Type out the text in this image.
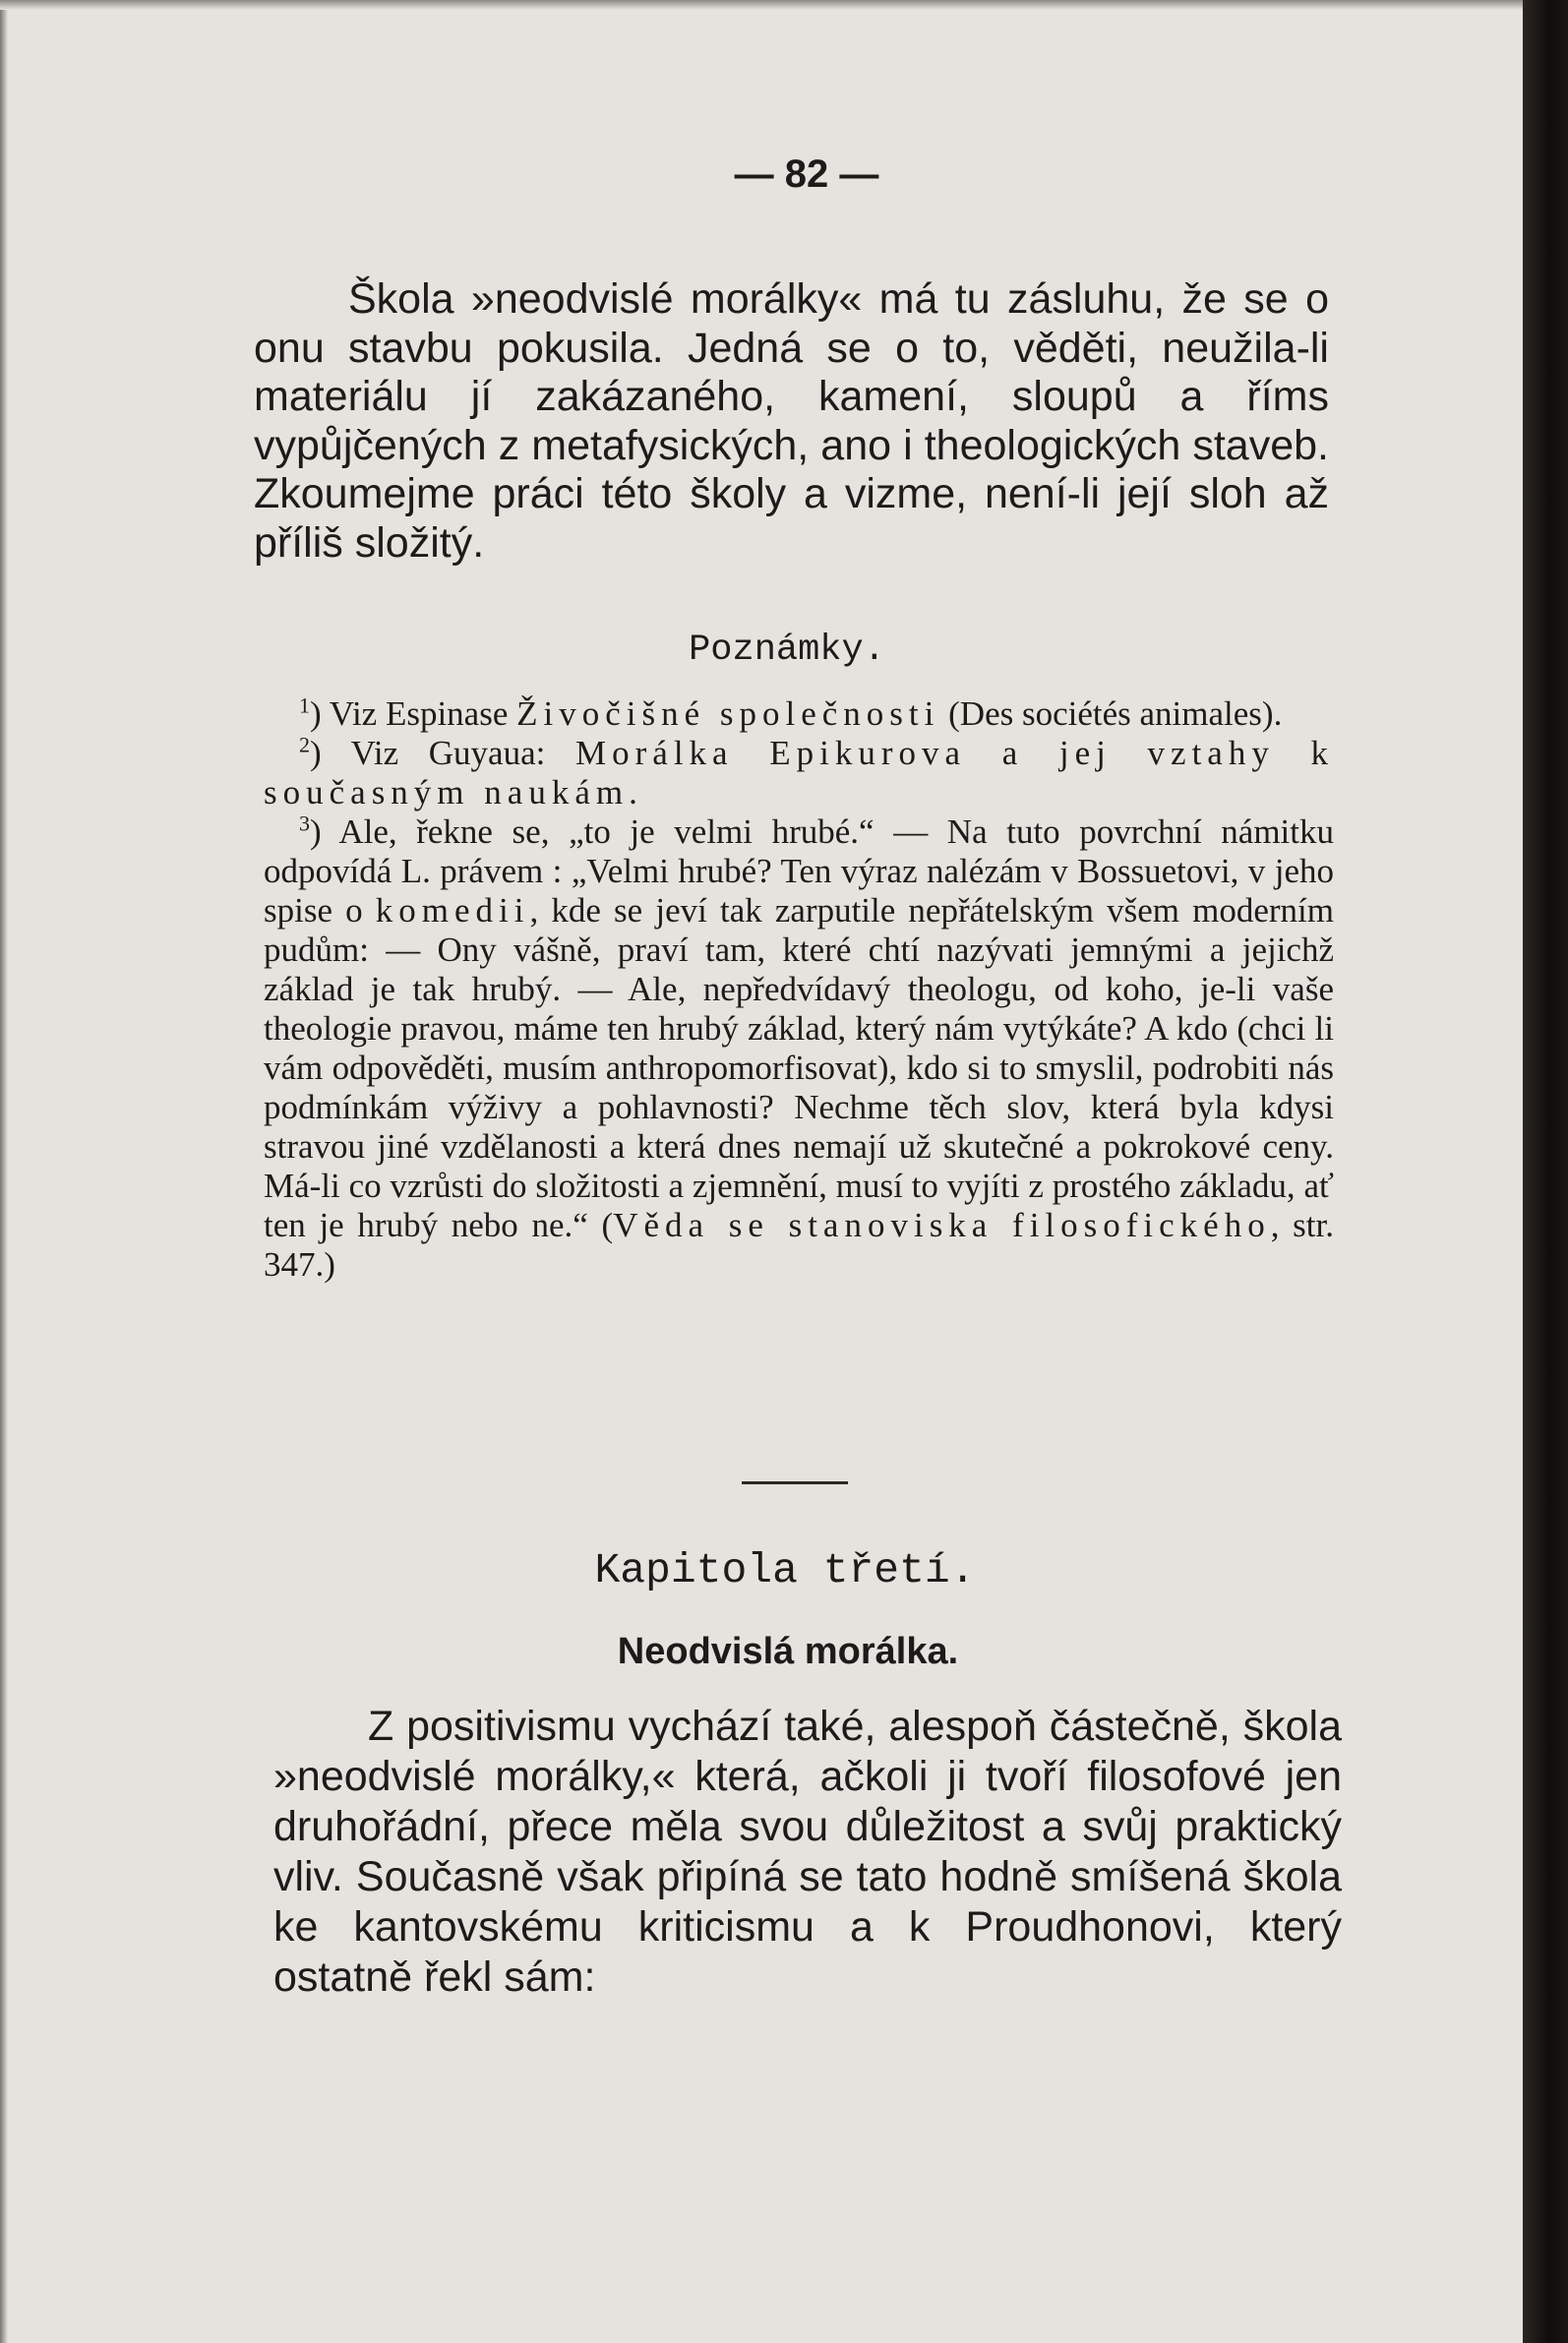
— 82 —

Škola »neodvislé morálky« má tu zásluhu, že se o onu stavbu pokusila. Jedná se o to, věděti, neužila-li materiálu jí zakázaného, kamení, sloupů a říms vypůjčených z metafysických, ano i theologických staveb. Zkoumejme práci této školy a vizme, není-li její sloh až příliš složitý.

Poznámky.

$^1$) Viz Espinase Živočišné společnosti (Des sociétés animales).

$^2$) Viz Guyaua: Morálka Epikurova a jej vztahy k současným naukám.

$^3$) Ale, řekne se, „to je velmi hrubé.“ — Na tuto povrchní námitku odpovídá L. právem : „Velmi hrubé? Ten výraz nalézám v Bossuetovi, v jeho spise o komedii, kde se jeví tak zarputile nepřátelským všem moderním pudům: — Ony vášně, praví tam, které chtí nazývati jemnými a jejichž základ je tak hrubý. — Ale, nepředvídavý theologu, od koho, je-li vaše theologie pravou, máme ten hrubý základ, který nám vytýkáte? A kdo (chci li vám odpověděti, musím anthropomorfisovat), kdo si to smyslil, podrobiti nás podmínkám výživy a pohlavnosti? Nechme těch slov, která byla kdysi stravou jiné vzdělanosti a která dnes nemají už skutečné a pokrokové ceny. Má-li co vzrůsti do složitosti a zjemnění, musí to vyjíti z prostého základu, ať ten je hrubý nebo ne.“ (Věda se stanoviska filosofického, str. 347.)

Kapitola třetí.
Neodvislá morálka.

Z positivismu vychází také, alespoň částečně, škola »neodvislé morálky,« která, ačkoli ji tvoří filosofové jen druhořádní, přece měla svou důležitost a svůj praktický vliv. Současně však připíná se tato hodně smíšená škola ke kantovskému kriticismu a k Proudhonovi, který ostatně řekl sám:
